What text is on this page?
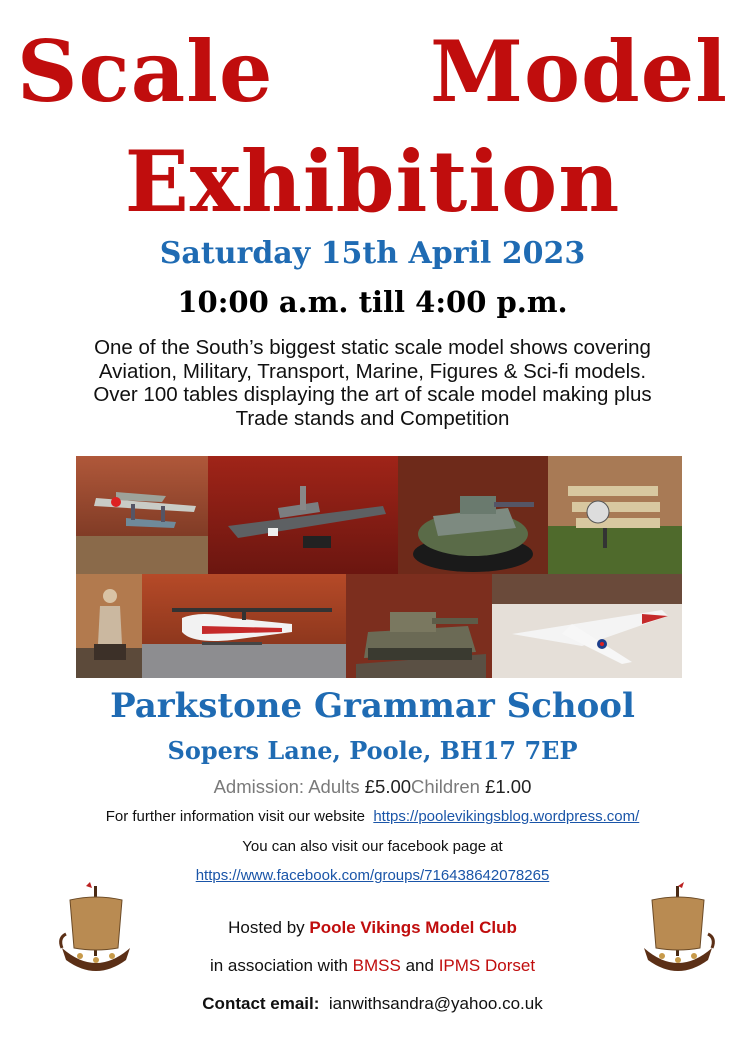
Scale Model
Exhibition
Saturday 15th April 2023
10:00 a.m. till 4:00 p.m.
One of the South’s biggest static scale model shows covering
Aviation, Military, Transport, Marine, Figures & Sci-fi models.
Over 100 tables displaying the art of scale model making plus
Trade stands and Competition
Parkstone Grammar School
Sopers Lane, Poole, BH17 7EP
Admission: Adults £5.00Children £1.00
For further information visit our website https://poolevikingsblog.wordpress.com/
You can also visit our facebook page at
https://www.facebook.com/groups/716438642078265
Hosted by Poole Vikings Model Club
in association with BMSS and IPMS Dorset
Contact email: ianwithsandra@yahoo.co.uk
